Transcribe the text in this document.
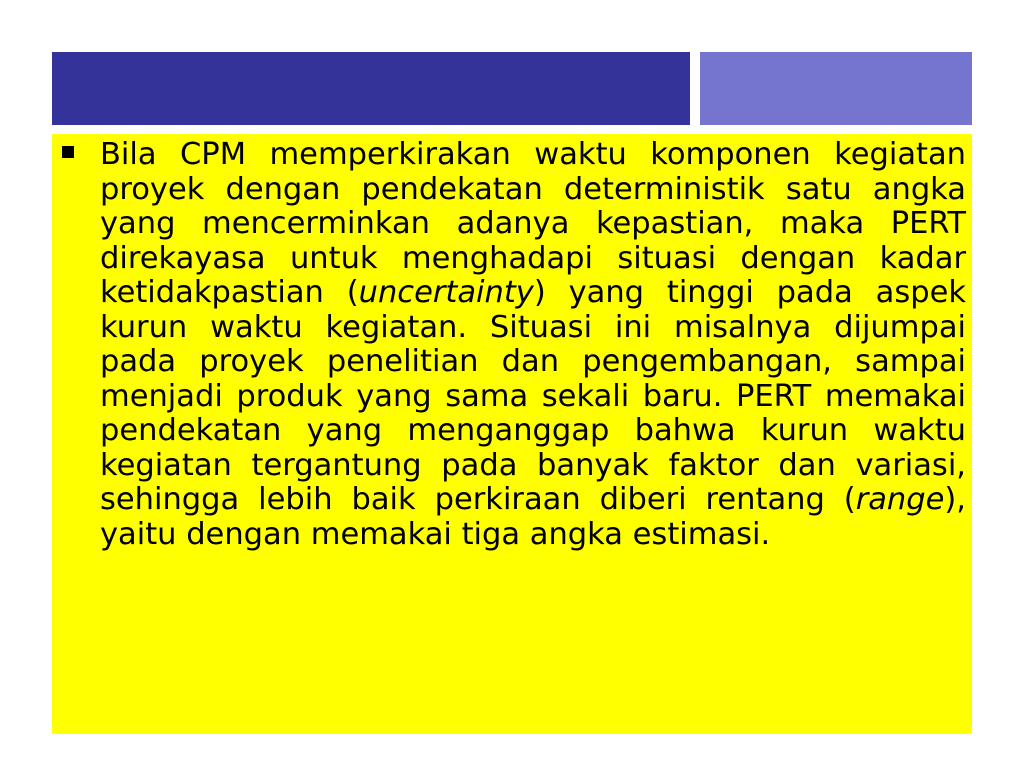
Bila CPM memperkirakan waktu komponen kegiatan proyek dengan pendekatan deterministik satu angka yang mencerminkan adanya kepastian, maka PERT direkayasa untuk menghadapi situasi dengan kadar ketidakpastian (uncertainty) yang tinggi pada aspek kurun waktu kegiatan. Situasi ini misalnya dijumpai pada proyek penelitian dan pengembangan, sampai menjadi produk yang sama sekali baru. PERT memakai pendekatan yang menganggap bahwa kurun waktu kegiatan tergantung pada banyak faktor dan variasi, sehingga lebih baik perkiraan diberi rentang (range), yaitu dengan memakai tiga angka estimasi.
